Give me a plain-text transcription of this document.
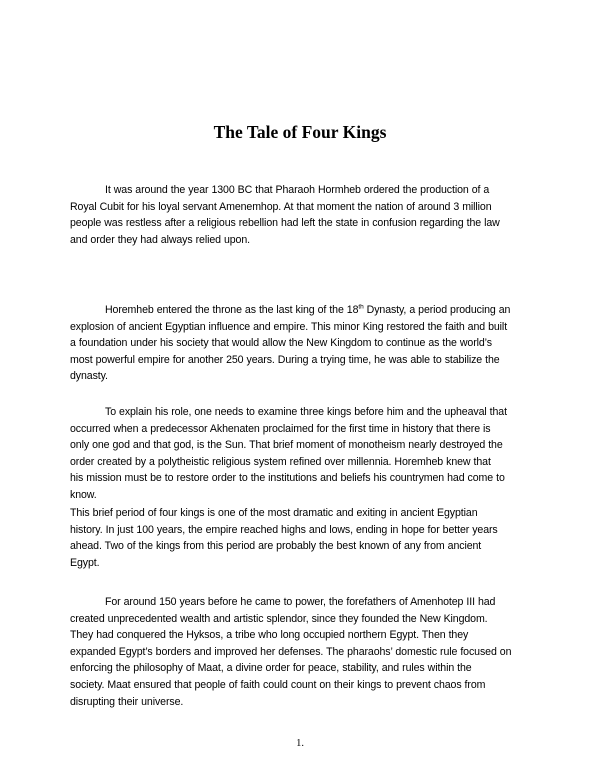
The Tale of Four Kings

It was around the year 1300 BC that Pharaoh Hormheb ordered the production of a
Royal Cubit for his loyal servant Amenemhop. At that moment the nation of around 3 million
people was restless after a religious rebellion had left the state in confusion regarding the law
and order they had always relied upon.

Horemheb entered the throne as the last king of the 18th Dynasty, a period producing an
explosion of ancient Egyptian influence and empire. This minor King restored the faith and built
a foundation under his society that would allow the New Kingdom to continue as the world’s
most powerful empire for another 250 years. During a trying time, he was able to stabilize the
dynasty.

To explain his role, one needs to examine three kings before him and the upheaval that
occurred when a predecessor Akhenaten proclaimed for the first time in history that there is
only one god and that god, is the Sun. That brief moment of monotheism nearly destroyed the
order created by a polytheistic religious system refined over millennia. Horemheb knew that
his mission must be to restore order to the institutions and beliefs his countrymen had come to
know.

This brief period of four kings is one of the most dramatic and exiting in ancient Egyptian
history. In just 100 years, the empire reached highs and lows, ending in hope for better years
ahead. Two of the kings from this period are probably the best known of any from ancient
Egypt.

For around 150 years before he came to power, the forefathers of Amenhotep III had
created unprecedented wealth and artistic splendor, since they founded the New Kingdom.
They had conquered the Hyksos, a tribe who long occupied northern Egypt. Then they
expanded Egypt’s borders and improved her defenses. The pharaohs’ domestic rule focused on
enforcing the philosophy of Maat, a divine order for peace, stability, and rules within the
society. Maat ensured that people of faith could count on their kings to prevent chaos from
disrupting their universe.

1.
